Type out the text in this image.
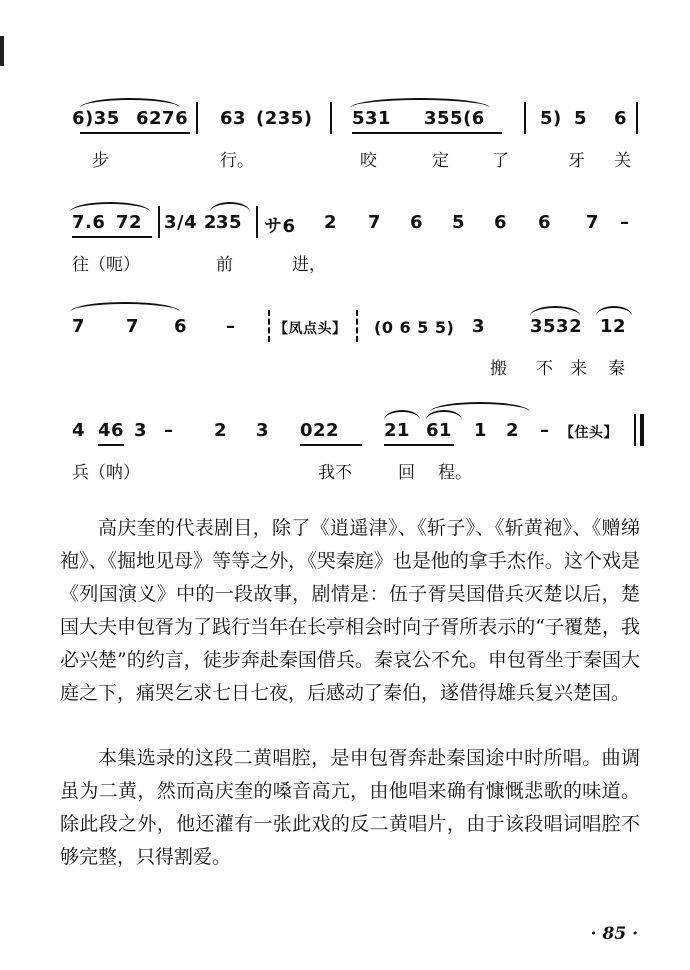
6)35 6276 63 (235) 531 355(6	5) 5 6
步	行。	咬	定	了	牙 关
7.6 72 3/4 2 35 サ6 2 7 6 5 6 6 7 –
往（呃）	前	进，
7 7 6 –	【凤点头】 (0 6 5 5) 3 3532 12
搬 不 来 秦
4 46 3 – 2 3 022 21 61 1 2 – 【住头】
兵（呐）	我不	回 程。

高庆奎的代表剧目，除了《逍遥津》、《斩子》、《斩黄袍》、《赠绨袍》、《掘地见母》等等之外，《哭秦庭》也是他的拿手杰作。这个戏是《列国演义》中的一段故事，剧情是：伍子胥吴国借兵灭楚以后，楚国大夫申包胥为了践行当年在长亭相会时向子胥所表示的“子覆楚，我必兴楚”的约言，徒步奔赴秦国借兵。秦哀公不允。申包胥坐于秦国大庭之下，痛哭乞求七日七夜，后感动了秦伯，遂借得雄兵复兴楚国。

本集选录的这段二黄唱腔，是申包胥奔赴秦国途中时所唱。曲调虽为二黄，然而高庆奎的嗓音高亢，由他唱来确有慷慨悲歌的味道。除此段之外，他还灌有一张此戏的反二黄唱片，由于该段唱词唱腔不够完整，只得割爱。

· 85 ·
